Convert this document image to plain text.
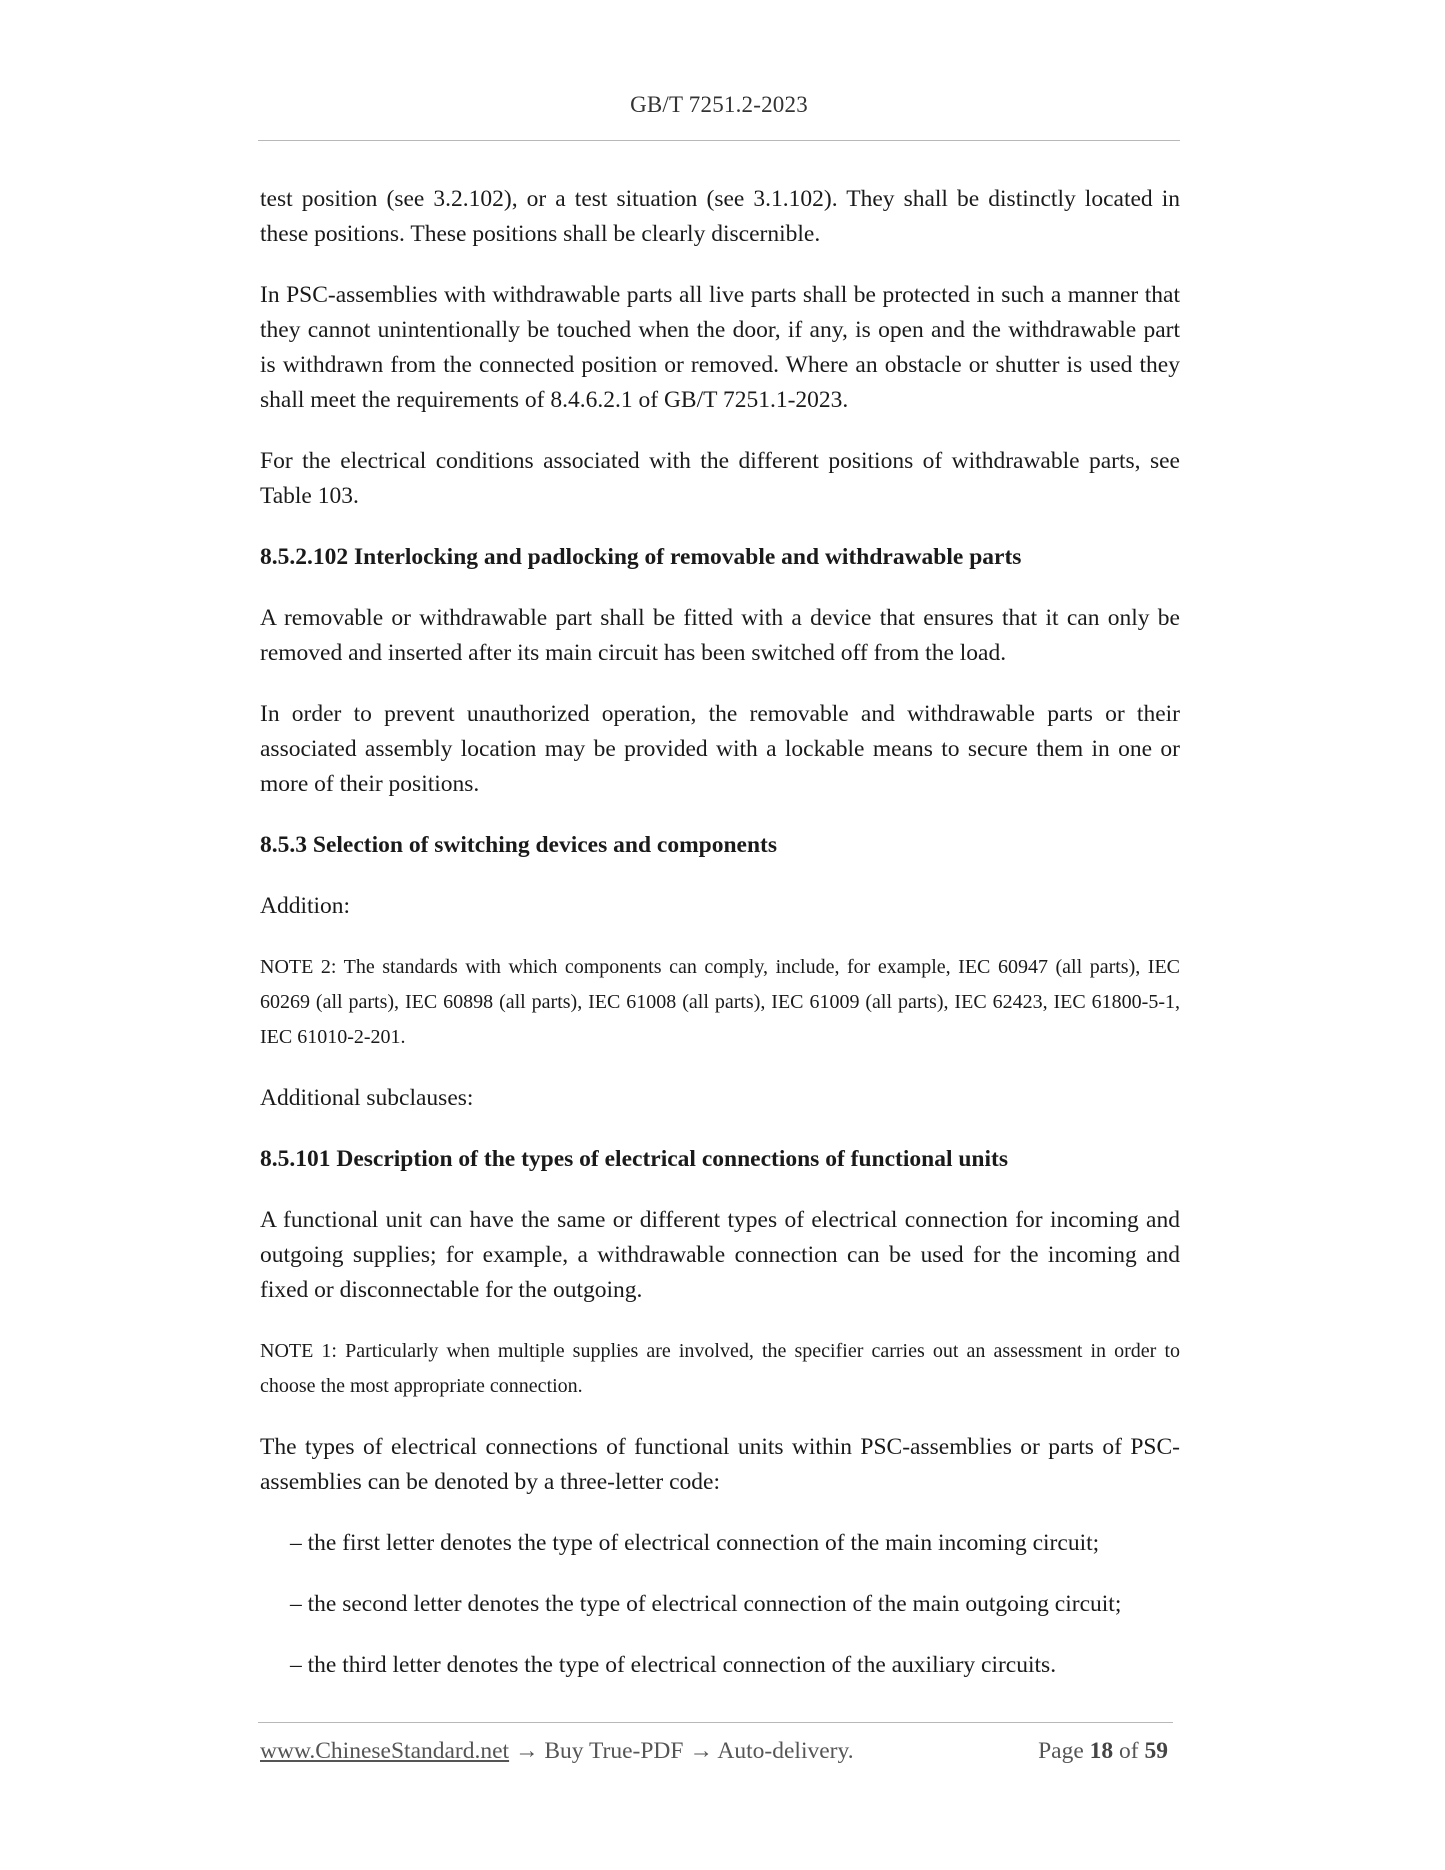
GB/T 7251.2-2023

test position (see 3.2.102), or a test situation (see 3.1.102). They shall be distinctly located in these positions. These positions shall be clearly discernible.

In PSC-assemblies with withdrawable parts all live parts shall be protected in such a manner that they cannot unintentionally be touched when the door, if any, is open and the withdrawable part is withdrawn from the connected position or removed. Where an obstacle or shutter is used they shall meet the requirements of 8.4.6.2.1 of GB/T 7251.1-2023.

For the electrical conditions associated with the different positions of withdrawable parts, see Table 103.

8.5.2.102 Interlocking and padlocking of removable and withdrawable parts

A removable or withdrawable part shall be fitted with a device that ensures that it can only be removed and inserted after its main circuit has been switched off from the load.

In order to prevent unauthorized operation, the removable and withdrawable parts or their associated assembly location may be provided with a lockable means to secure them in one or more of their positions.

8.5.3 Selection of switching devices and components

Addition:

NOTE 2: The standards with which components can comply, include, for example, IEC 60947 (all parts), IEC 60269 (all parts), IEC 60898 (all parts), IEC 61008 (all parts), IEC 61009 (all parts), IEC 62423, IEC 61800-5-1, IEC 61010-2-201.

Additional subclauses:

8.5.101 Description of the types of electrical connections of functional units

A functional unit can have the same or different types of electrical connection for incoming and outgoing supplies; for example, a withdrawable connection can be used for the incoming and fixed or disconnectable for the outgoing.

NOTE 1: Particularly when multiple supplies are involved, the specifier carries out an assessment in order to choose the most appropriate connection.

The types of electrical connections of functional units within PSC-assemblies or parts of PSC-assemblies can be denoted by a three-letter code:

– the first letter denotes the type of electrical connection of the main incoming circuit;

– the second letter denotes the type of electrical connection of the main outgoing circuit;

– the third letter denotes the type of electrical connection of the auxiliary circuits.

www.ChineseStandard.net → Buy True-PDF → Auto-delivery.	Page 18 of 59
